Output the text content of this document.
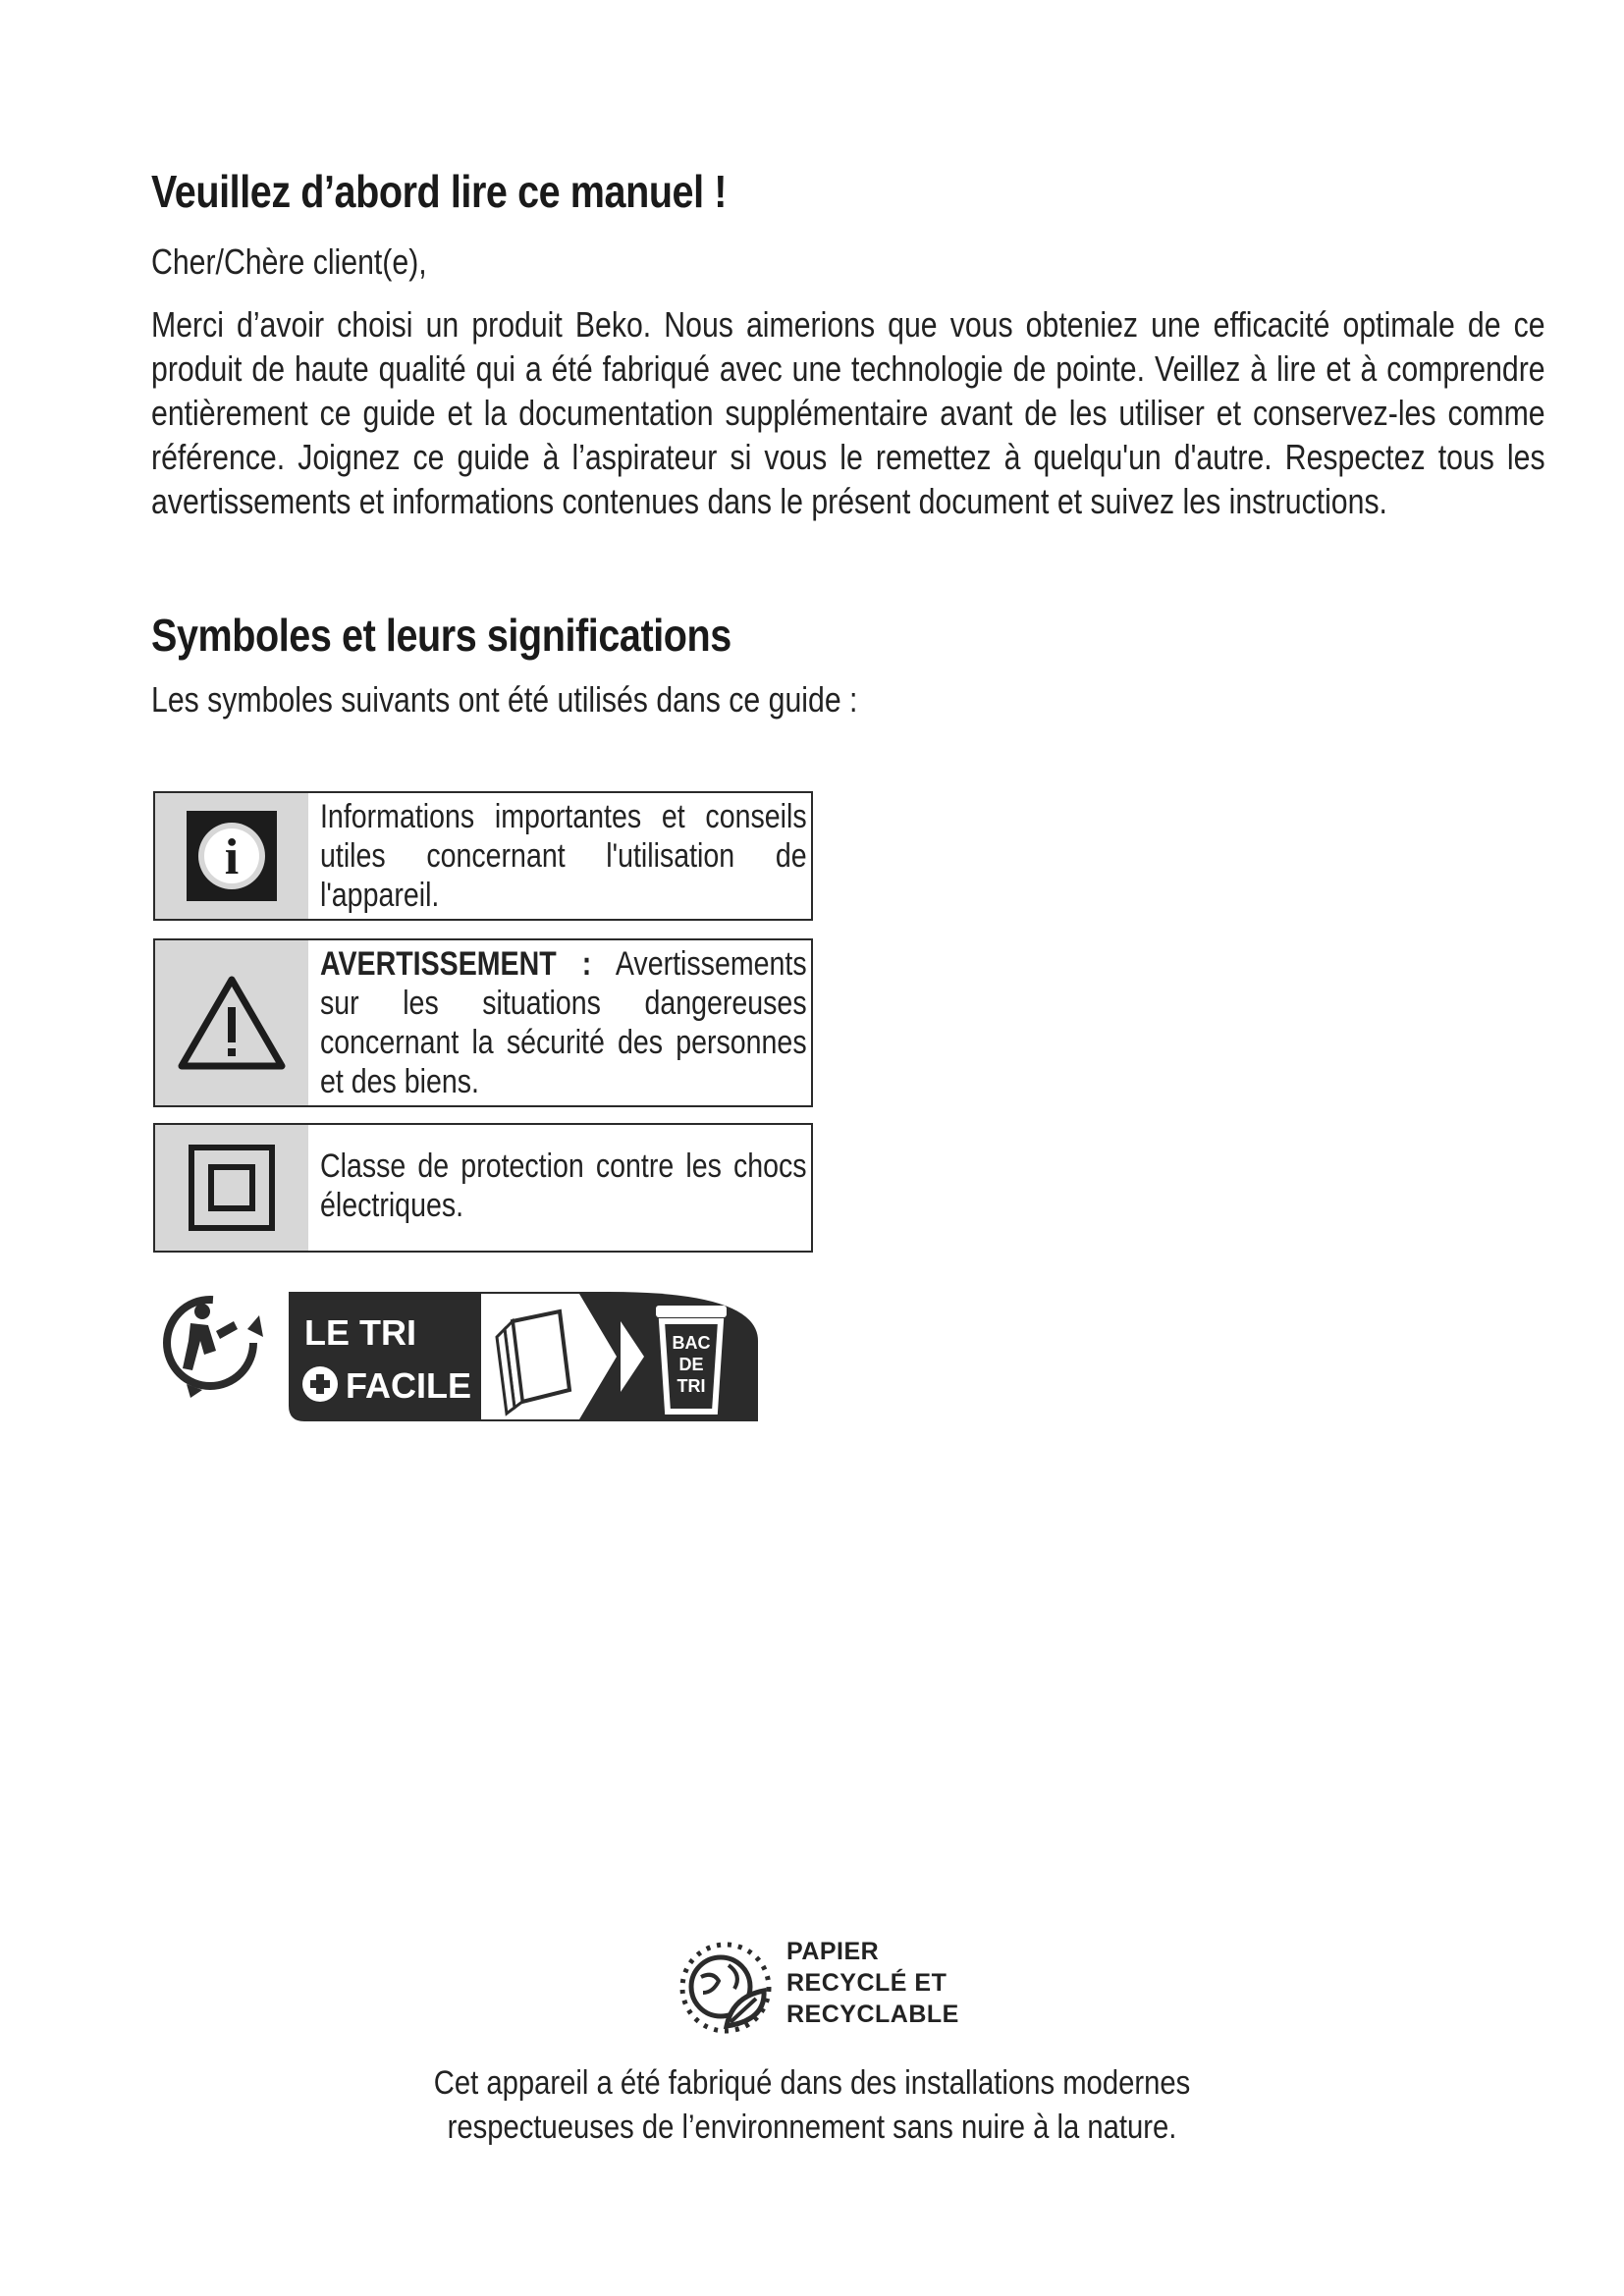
Veuillez d’abord lire ce manuel !

Cher/Chère client(e),

Merci d’avoir choisi un produit Beko. Nous aimerions que vous obteniez une efficacité optimale de ce produit de haute qualité qui a été fabriqué avec une technologie de pointe. Veillez à lire et à comprendre entièrement ce guide et la documentation supplémentaire avant de les utiliser et conservez-les comme référence. Joignez ce guide à l’aspirateur si vous le remettez à quelqu'un d'autre. Respectez tous les avertissements et informations contenues dans le présent document et suivez les instructions.

Symboles et leurs significations

Les symboles suivants ont été utilisés dans ce guide :

i
Informations importantes et conseils utiles concernant l'utilisation de l'appareil.
AVERTISSEMENT : Avertissements sur les situations dangereuses concernant la sécurité des personnes et des biens.
Classe de protection contre les chocs électriques.
LE TRI
FACILE
BAC
DE
TRI
PAPIER
RECYCLÉ ET
RECYCLABLE
Cet appareil a été fabriqué dans des installations modernes respectueuses de l’environnement sans nuire à la nature.
